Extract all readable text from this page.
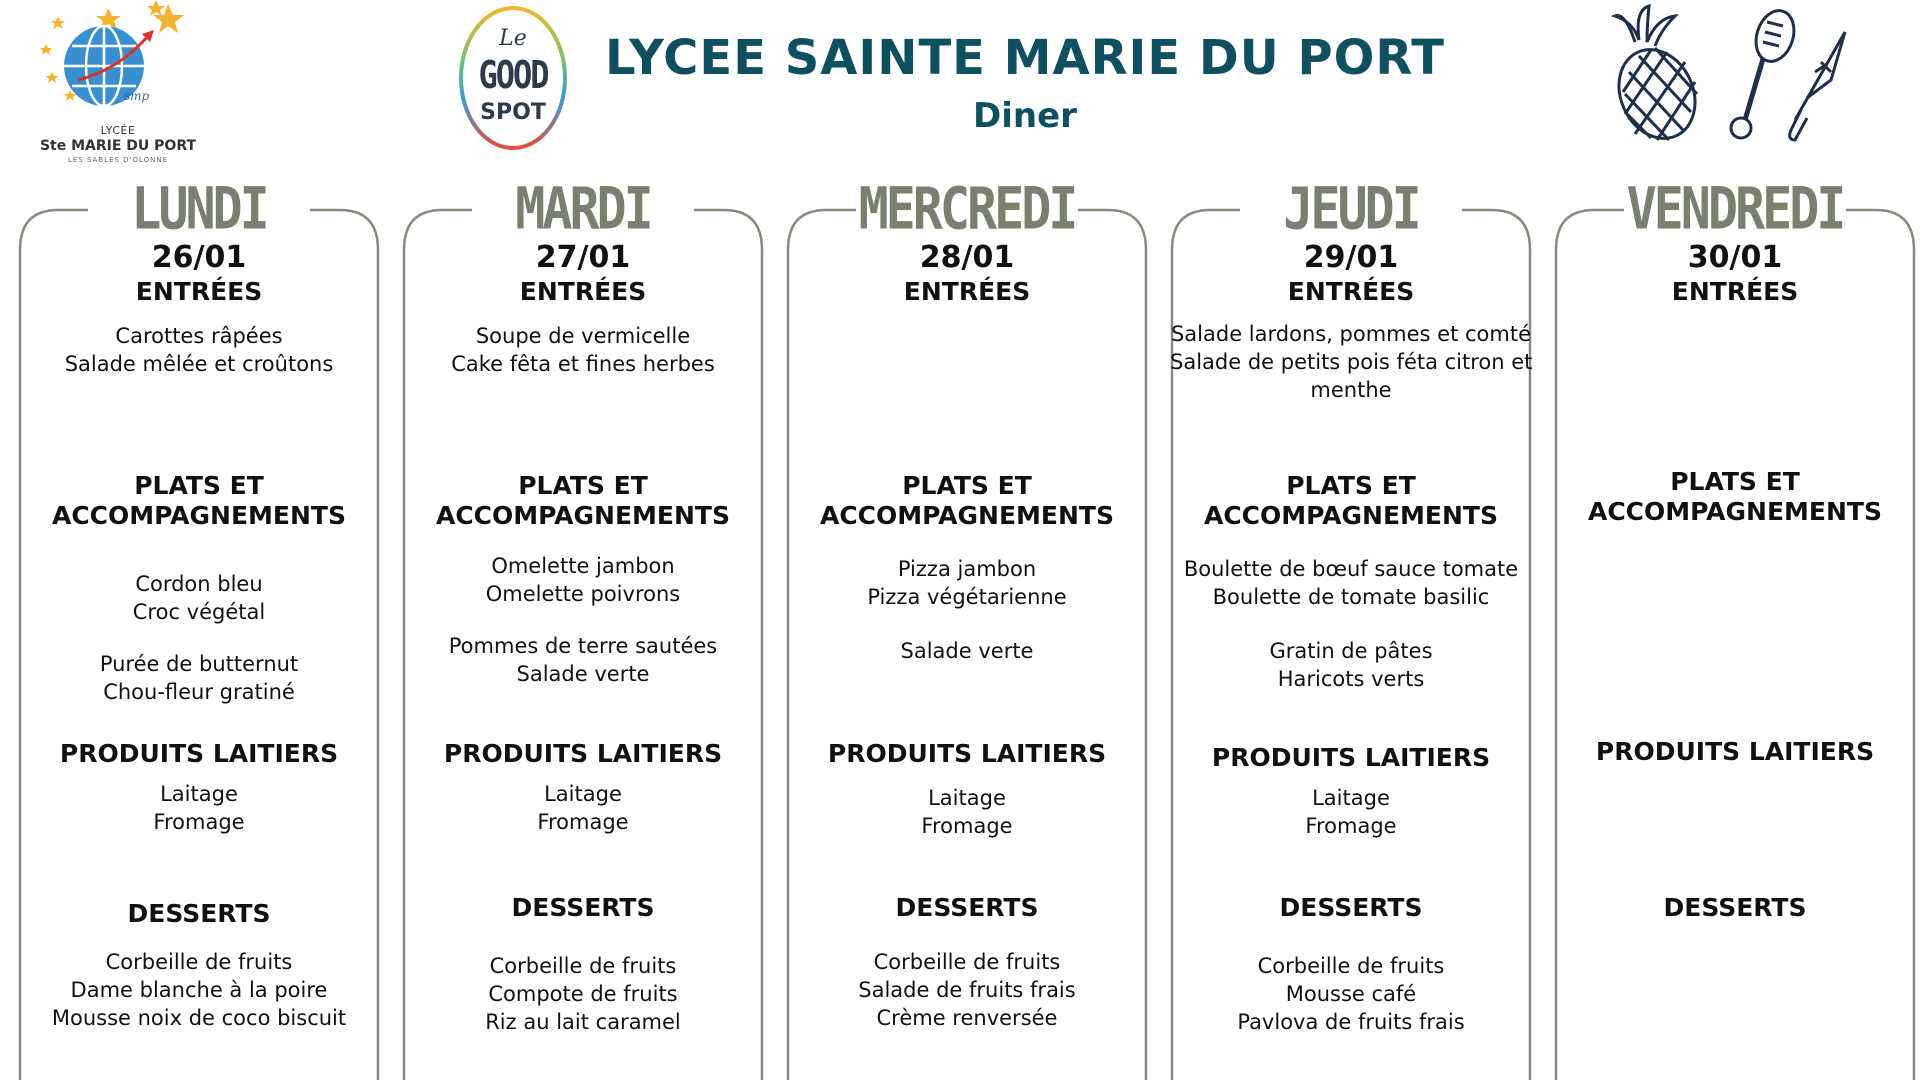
smp
LYCÉE
Ste MARIE DU PORT
LES SABLES D'OLONNE
Le
GOOD
SPOT
LYCEE SAINTE MARIE DU PORT
Diner
LUNDI
26/01
ENTRÉES
Carottes râpées
Salade mêlée et croûtons
PLATS ET
ACCOMPAGNEMENTS
Cordon bleu
Croc végétal
Purée de butternut
Chou-fleur gratiné
PRODUITS LAITIERS
Laitage
Fromage
DESSERTS
Corbeille de fruits
Dame blanche à la poire
Mousse noix de coco biscuit
MARDI
27/01
ENTRÉES
Soupe de vermicelle
Cake fêta et fines herbes
PLATS ET
ACCOMPAGNEMENTS
Omelette jambon
Omelette poivrons
Pommes de terre sautées
Salade verte
PRODUITS LAITIERS
Laitage
Fromage
DESSERTS
Corbeille de fruits
Compote de fruits
Riz au lait caramel
MERCREDI
28/01
ENTRÉES
PLATS ET
ACCOMPAGNEMENTS
Pizza jambon
Pizza végétarienne
Salade verte
PRODUITS LAITIERS
Laitage
Fromage
DESSERTS
Corbeille de fruits
Salade de fruits frais
Crème renversée
JEUDI
29/01
ENTRÉES
Salade lardons, pommes et comté
Salade de petits pois féta citron et
menthe
PLATS ET
ACCOMPAGNEMENTS
Boulette de bœuf sauce tomate
Boulette de tomate basilic
Gratin de pâtes
Haricots verts
PRODUITS LAITIERS
Laitage
Fromage
DESSERTS
Corbeille de fruits
Mousse café
Pavlova de fruits frais
VENDREDI
30/01
ENTRÉES
PLATS ET
ACCOMPAGNEMENTS
PRODUITS LAITIERS
DESSERTS
